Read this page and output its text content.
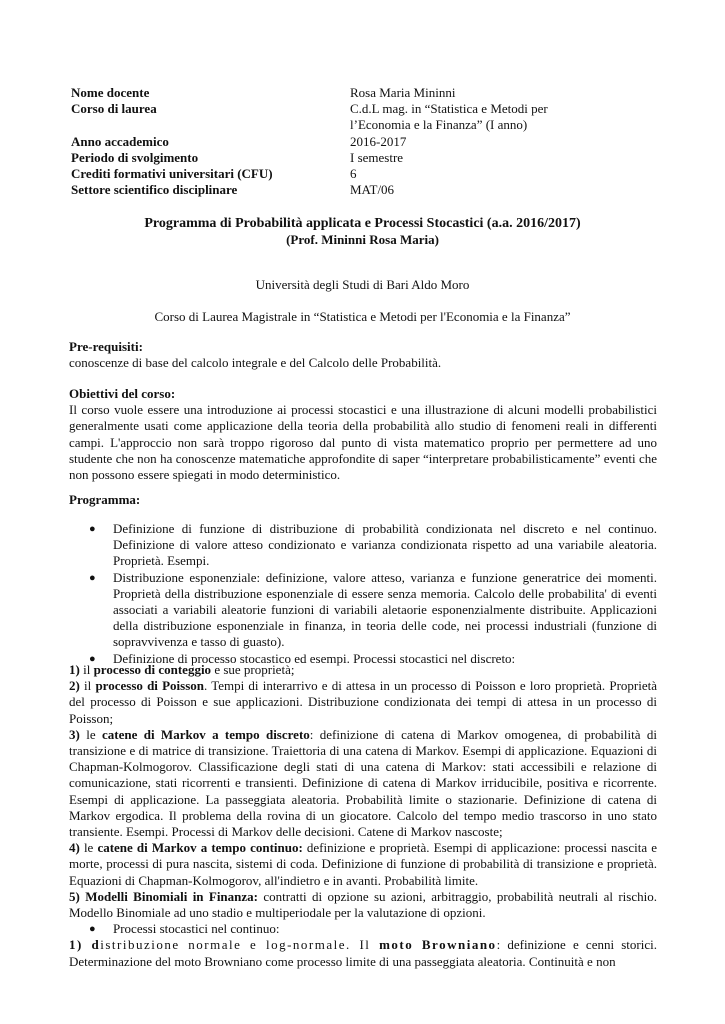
Nome docente	Rosa Maria Mininni
Corso di laurea	C.d.L mag. in “Statistica e Metodi per
l’Economia e la Finanza” (I anno)
Anno accademico	2016-2017
Periodo di svolgimento	I semestre
Crediti formativi universitari (CFU)	6
Settore scientifico disciplinare	MAT/06
Programma di Probabilità applicata e Processi Stocastici (a.a. 2016/2017)
(Prof. Mininni Rosa Maria)
Università degli Studi di Bari Aldo Moro
Corso di Laurea Magistrale in “Statistica e Metodi per l'Economia e la Finanza”
Pre-requisiti:
conoscenze di base del calcolo integrale e del Calcolo delle Probabilità.
Obiettivi del corso:
Il corso vuole essere una introduzione ai processi stocastici e una illustrazione di alcuni modelli probabilistici generalmente usati come applicazione della teoria della probabilità allo studio di fenomeni reali in differenti campi. L'approccio non sarà troppo rigoroso dal punto di vista matematico proprio per permettere ad uno studente che non ha conoscenze matematiche approfondite di saper “interpretare probabilisticamente” eventi che non possono essere spiegati in modo deterministico.
Programma:
●	Definizione di funzione di distribuzione di probabilità condizionata nel discreto e nel continuo. Definizione di valore atteso condizionato e varianza condizionata rispetto ad una variabile aleatoria. Proprietà. Esempi.
●	Distribuzione esponenziale: definizione, valore atteso, varianza e funzione generatrice dei momenti. Proprietà della distribuzione esponenziale di essere senza memoria. Calcolo delle probabilita' di eventi associati a variabili aleatorie funzioni di variabili aletaorie esponenzialmente distribuite. Applicazioni della distribuzione esponenziale in finanza, in teoria delle code, nei processi industriali (funzione di sopravvivenza e tasso di guasto).
●	Definizione di processo stocastico ed esempi. Processi stocastici nel discreto:
1) il processo di conteggio e sue proprietà;
2) il processo di Poisson. Tempi di interarrivo e di attesa in un processo di Poisson e loro proprietà. Proprietà del processo di Poisson e sue applicazioni. Distribuzione condizionata dei tempi di attesa in un processo di Poisson;
3) le catene di Markov a tempo discreto: definizione di catena di Markov omogenea, di probabilità di transizione e di matrice di transizione. Traiettoria di una catena di Markov. Esempi di applicazione. Equazioni di Chapman-Kolmogorov. Classificazione degli stati di una catena di Markov: stati accessibili e relazione di comunicazione, stati ricorrenti e transienti. Definizione di catena di Markov irriducibile, positiva e ricorrente. Esempi di applicazione. La passeggiata aleatoria. Probabilità limite o stazionarie. Definizione di catena di Markov ergodica. Il problema della rovina di un giocatore. Calcolo del tempo medio trascorso in uno stato transiente. Esempi. Processi di Markov delle decisioni. Catene di Markov nascoste;
4) le catene di Markov a tempo continuo: definizione e proprietà. Esempi di applicazione: processi nascita e morte, processi di pura nascita, sistemi di coda. Definizione di funzione di probabilità di transizione e proprietà. Equazioni di Chapman-Kolmogorov, all'indietro e in avanti. Probabilità limite.
5) Modelli Binomiali in Finanza: contratti di opzione su azioni, arbitraggio, probabilità neutrali al rischio. Modello Binomiale ad uno stadio e multiperiodale per la valutazione di opzioni.
●	Processi stocastici nel continuo:
1) distribuzione normale e log-normale. Il moto Browniano: definizione e cenni storici. Determinazione del moto Browniano come processo limite di una passeggiata aleatoria. Continuità e non
